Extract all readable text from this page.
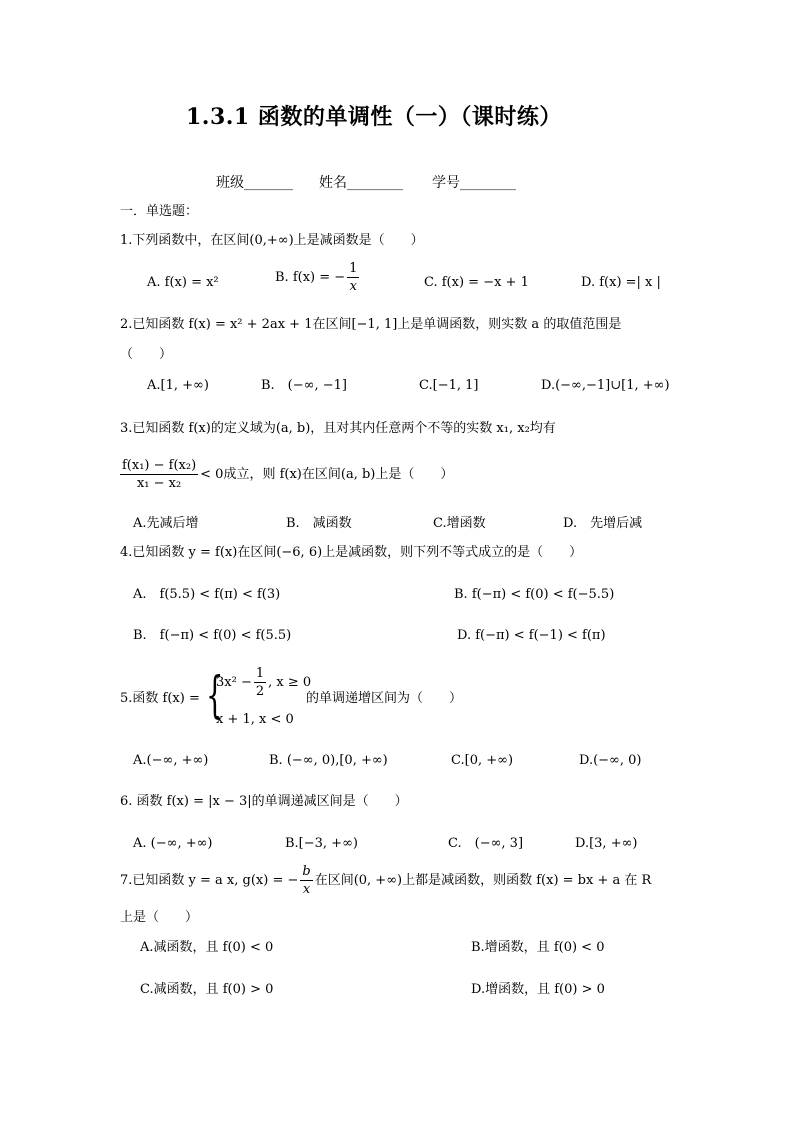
1.3.1 函数的单调性（一）（课时练）
班级_______ 姓名________ 学号________
一．单选题：
1.下列函数中，在区间(0,+∞)上是减函数是（　　）
A. f(x) = x²	B. f(x) = − $\frac{1}{x}$	C. f(x) = −x + 1	D. f(x) =| x |
2.已知函数 f(x) = x² + 2ax + 1在区间[−1, 1]上是单调函数，则实数 a 的取值范围是
（　　）
A.[1, +∞)	B.　(−∞, −1]	C.[−1, 1]	D.(−∞,−1]∪[1, +∞)
3.已知函数 f(x)的定义域为(a, b)，且对其内任意两个不等的实数 x₁, x₂均有
$\frac{\text{f(x₁) − f(x₂)}}{\text{x₁ − x₂}} < 0$成立，则 f(x)在区间(a, b)上是（　　）
A.先减后增	B.　减函数	C.增函数	D.　先增后减
4.已知函数 y = f(x)在区间(−6, 6)上是减函数，则下列不等式成立的是（　　）
A.　f(5.5) < f(π) < f(3)	B. f(−π) < f(0) < f(−5.5)
B.　f(−π) < f(0) < f(5.5)	D. f(−π) < f(−1) < f(π)
5.函数 f(x) = {
$3x^2 - \frac{1}{2}$ , x ≥ 0
x + 1, x < 0
的单调递增区间为（　　）
A.(−∞, +∞)	B. (−∞, 0),[0, +∞)	C.[0, +∞)	D.(−∞, 0)
6. 函数 f(x) = |x − 3|的单调递减区间是（　　）
A. (−∞, +∞)	B.[−3, +∞)	C.　(−∞, 3]	D.[3, +∞)
7.已知函数 y = a x, g(x) = − $\frac{b}{x}$ 在区间(0, +∞)上都是减函数，则函数 f(x) = bx + a 在 R
上是（　　）
A.减函数，且 f(0) < 0	B.增函数，且 f(0) < 0
C.减函数，且 f(0) > 0	D.增函数，且 f(0) > 0
